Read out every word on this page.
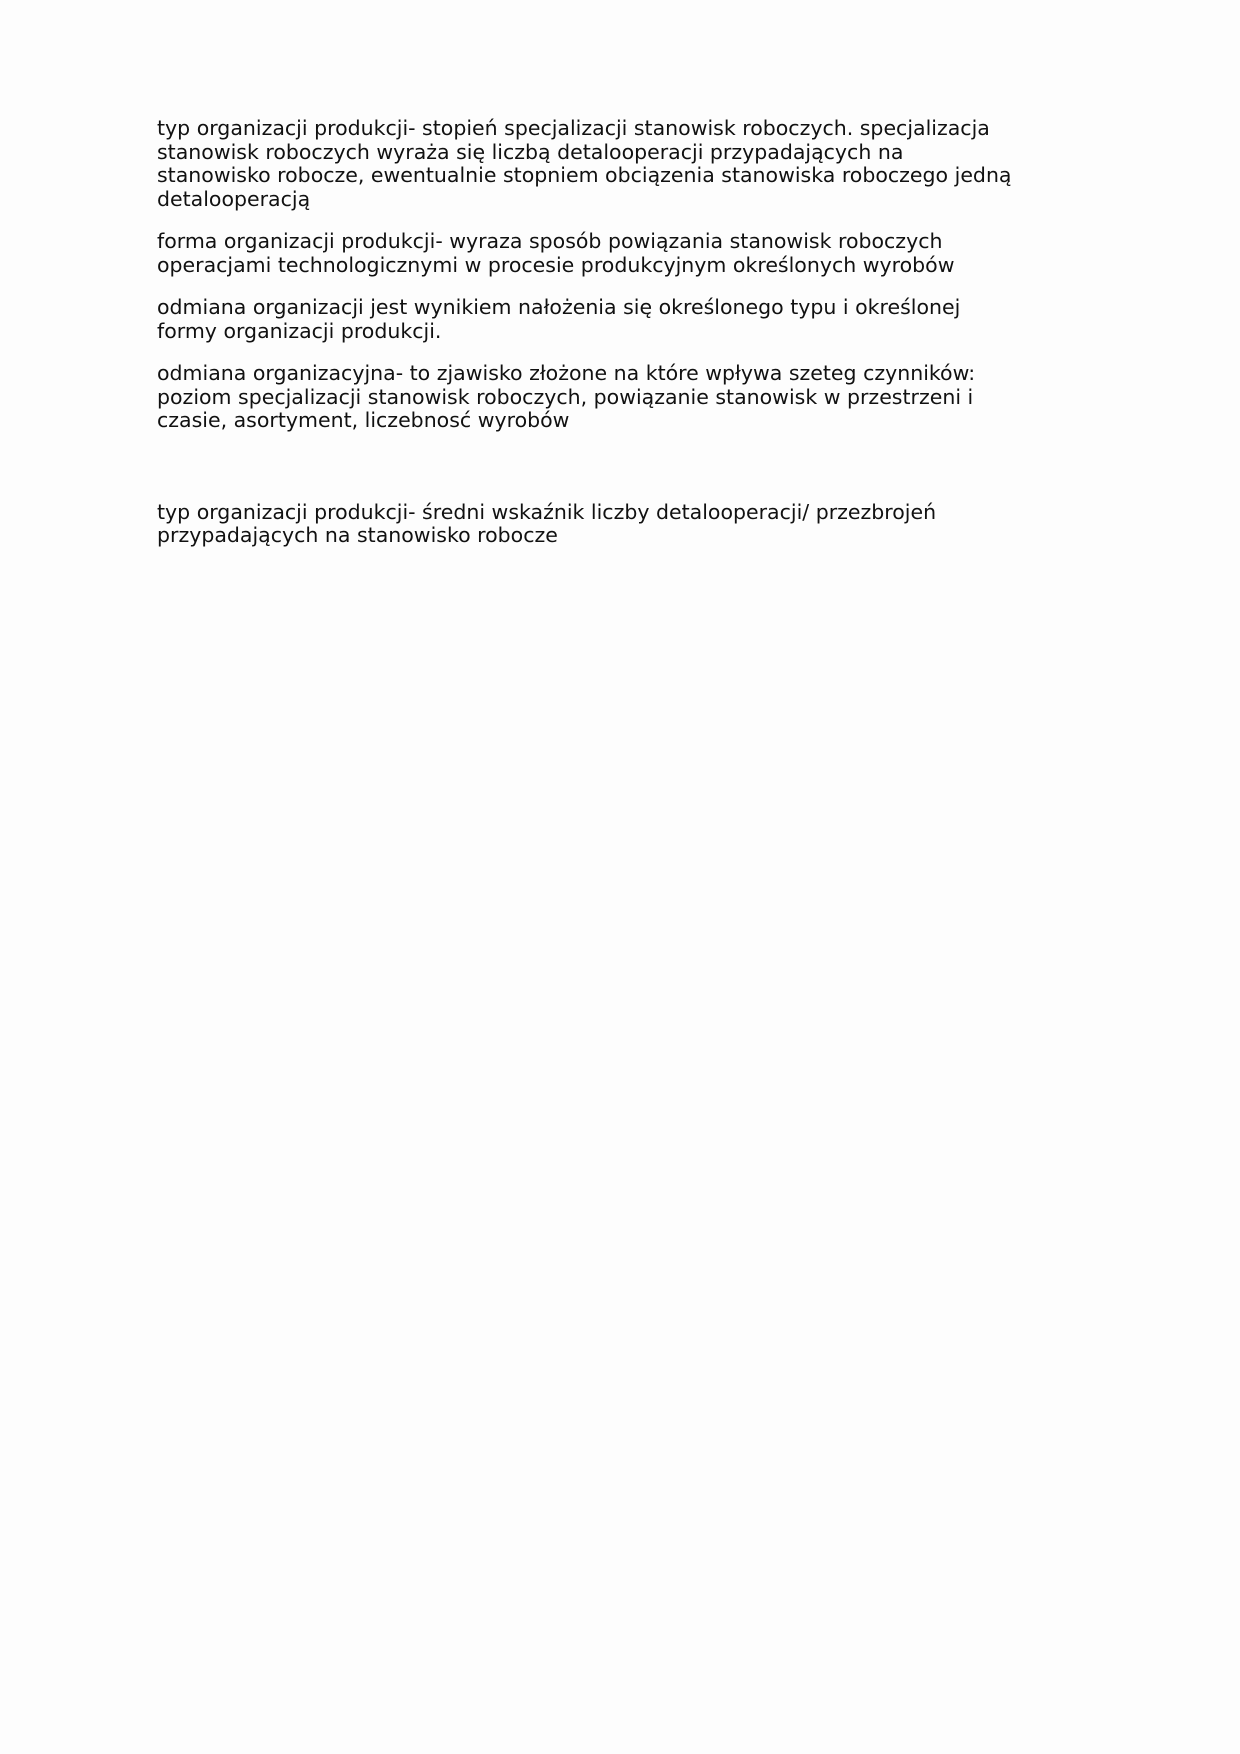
typ organizacji produkcji- stopień specjalizacji stanowisk roboczych. specjalizacja
stanowisk roboczych wyraża się liczbą detalooperacji przypadających na
stanowisko robocze, ewentualnie stopniem obciązenia stanowiska roboczego jedną
detalooperacją

forma organizacji produkcji- wyraza sposób powiązania stanowisk roboczych
operacjami technologicznymi w procesie produkcyjnym określonych wyrobów

odmiana organizacji jest wynikiem nałożenia się określonego typu i określonej
formy organizacji produkcji.

odmiana organizacyjna- to zjawisko złożone na które wpływa szeteg czynników:
poziom specjalizacji stanowisk roboczych, powiązanie stanowisk w przestrzeni i
czasie, asortyment, liczebnosć wyrobów

typ organizacji produkcji- średni wskaźnik liczby detalooperacji/ przezbrojeń
przypadających na stanowisko robocze
